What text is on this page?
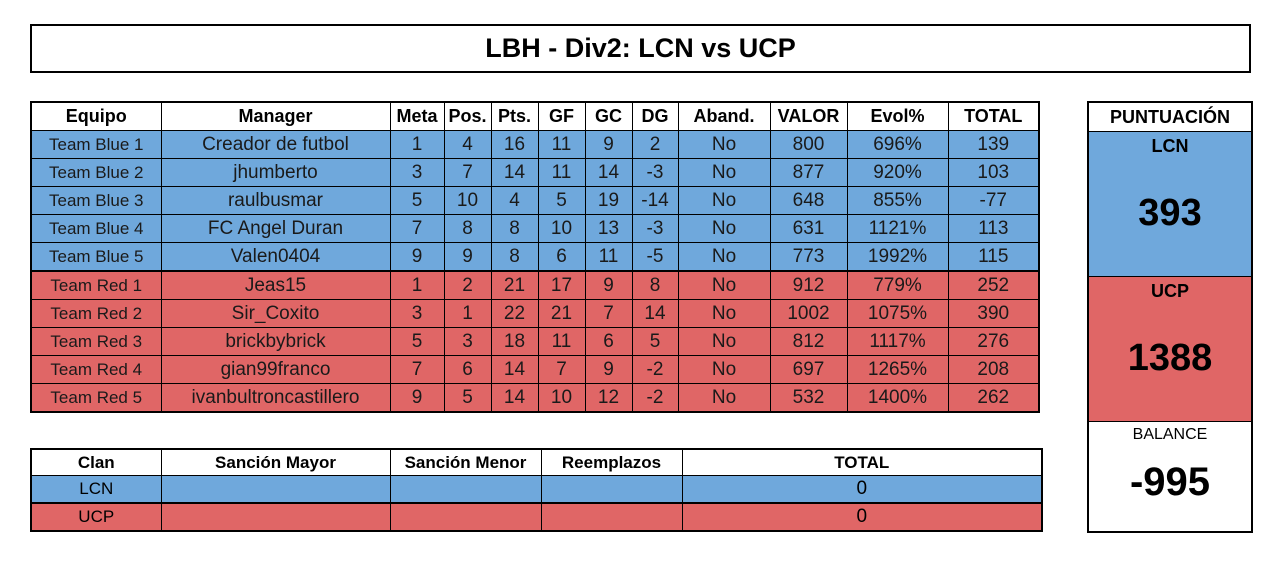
LBH - Div2: LCN vs UCP
Equipo	Manager	Meta	Pos.	Pts.	GF	GC	DG	Aband.	VALOR	Evol%	TOTAL
Team Blue 1	Creador de futbol	1	4	16	11	9	2	No	800	696%	139
Team Blue 2	jhumberto	3	7	14	11	14	-3	No	877	920%	103
Team Blue 3	raulbusmar	5	10	4	5	19	-14	No	648	855%	-77
Team Blue 4	FC Angel Duran	7	8	8	10	13	-3	No	631	1121%	113
Team Blue 5	Valen0404	9	9	8	6	11	-5	No	773	1992%	115
Team Red 1	Jeas15	1	2	21	17	9	8	No	912	779%	252
Team Red 2	Sir_Coxito	3	1	22	21	7	14	No	1002	1075%	390
Team Red 3	brickbybrick	5	3	18	11	6	5	No	812	1117%	276
Team Red 4	gian99franco	7	6	14	7	9	-2	No	697	1265%	208
Team Red 5	ivanbultroncastillero	9	5	14	10	12	-2	No	532	1400%	262
Clan	Sanción Mayor	Sanción Menor	Reemplazos	TOTAL
LCN				0
UCP				0
PUNTUACIÓN
LCN
393
UCP
1388
BALANCE
-995
